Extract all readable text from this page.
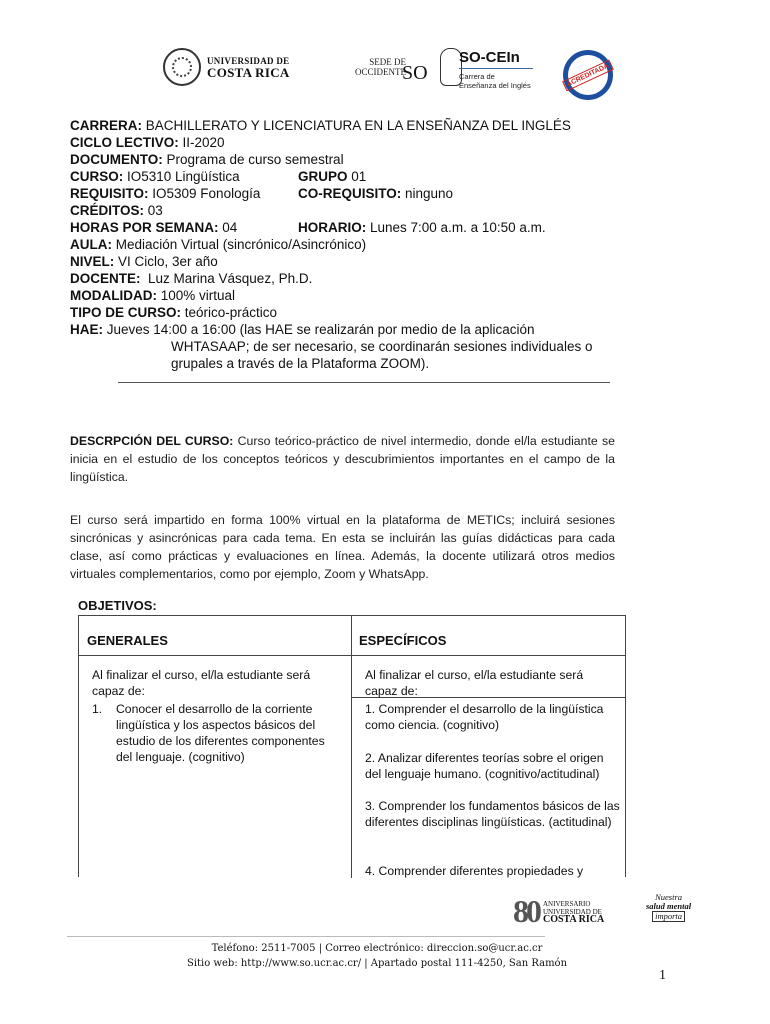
UNIVERSIDAD DE
COSTA RICA
SEDE DE
OCCIDENTE
SO
SO-CEIn
Carrera de
Enseñanza del Inglés	ACREDITADA
CARRERA: BACHILLERATO Y LICENCIATURA EN LA ENSEÑANZA DEL INGLÉS
CICLO LECTIVO: II-2020
DOCUMENTO: Programa de curso semestral
CURSO: IO5310 Lingüística	GRUPO 01
REQUISITO: IO5309 Fonología	CO-REQUISITO: ninguno
CRÉDITOS: 03
HORAS POR SEMANA: 04	HORARIO: Lunes 7:00 a.m. a 10:50 a.m.
AULA: Mediación Virtual (sincrónico/Asincrónico)
NIVEL: VI Ciclo, 3er año
DOCENTE:  Luz Marina Vásquez, Ph.D.
MODALIDAD: 100% virtual
TIPO DE CURSO: teórico-práctico
HAE: Jueves 14:00 a 16:00 (las HAE se realizarán por medio de la aplicación
WHTASAAP; de ser necesario, se coordinarán sesiones individuales o
grupales a través de la Plataforma ZOOM).
DESCRPCIÓN DEL CURSO: Curso teórico-práctico de nivel intermedio, donde el/la estudiante se inicia en el estudio de los conceptos teóricos y descubrimientos importantes en el campo de la lingüística.
El curso será impartido en forma 100% virtual en la plataforma de METICs; incluirá sesiones sincrónicas y asincrónicas para cada tema. En esta se incluirán las guías didácticas para cada clase, así como prácticas y evaluaciones en línea. Además, la docente utilizará otros medios virtuales complementarios, como por ejemplo, Zoom y WhatsApp.
OBJETIVOS:
GENERALES	ESPECÍFICOS
Al finalizar el curso, el/la estudiante será capaz de:
1.	Conocer el desarrollo de la corriente lingüística y los aspectos básicos del estudio de los diferentes componentes del lenguaje. (cognitivo)
Al finalizar el curso, el/la estudiante será capaz de:
1. Comprender el desarrollo de la lingüística como ciencia. (cognitivo)
2. Analizar diferentes teorías sobre el origen del lenguaje humano. (cognitivo/actitudinal)
3. Comprender los fundamentos básicos de las diferentes disciplinas lingüísticas. (actitudinal)
4. Comprender diferentes propiedades y
80 ANIVERSARIO
UNIVERSIDAD DE
COSTA RICA
Nuestra
salud mental
importa
Teléfono: 2511-7005 | Correo electrónico: direccion.so@ucr.ac.cr
Sitio web: http://www.so.ucr.ac.cr/ | Apartado postal 111-4250, San Ramón
1
